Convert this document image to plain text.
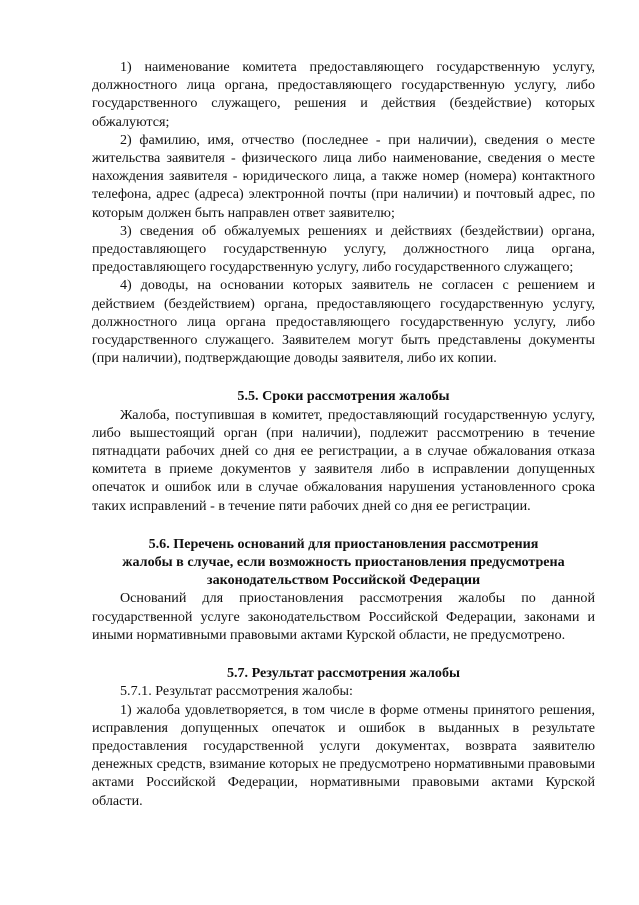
1) наименование комитета предоставляющего государственную услугу, должностного лица органа, предоставляющего государственную услугу, либо государственного служащего, решения и действия (бездействие) которых обжалуются;

2) фамилию, имя, отчество (последнее - при наличии), сведения о месте жительства заявителя - физического лица либо наименование, сведения о месте нахождения заявителя - юридического лица, а также номер (номера) контактного телефона, адрес (адреса) электронной почты (при наличии) и почтовый адрес, по которым должен быть направлен ответ заявителю;

3) сведения об обжалуемых решениях и действиях (бездействии) органа, предоставляющего государственную услугу, должностного лица органа, предоставляющего государственную услугу, либо государственного служащего;

4) доводы, на основании которых заявитель не согласен с решением и действием (бездействием) органа, предоставляющего государственную услугу, должностного лица органа предоставляющего государственную услугу, либо государственного служащего. Заявителем могут быть представлены документы (при наличии), подтверждающие доводы заявителя, либо их копии.

5.5. Сроки рассмотрения жалобы

Жалоба, поступившая в комитет, предоставляющий государственную услугу, либо вышестоящий орган (при наличии), подлежит рассмотрению в течение пятнадцати рабочих дней со дня ее регистрации, а в случае обжалования отказа комитета в приеме документов у заявителя либо в исправлении допущенных опечаток и ошибок или в случае обжалования нарушения установленного срока таких исправлений - в течение пяти рабочих дней со дня ее регистрации.

5.6. Перечень оснований для приостановления рассмотрения

жалобы в случае, если возможность приостановления предусмотрена

законодательством Российской Федерации

Оснований для приостановления рассмотрения жалобы по данной государственной услуге законодательством Российской Федерации, законами и иными нормативными правовыми актами Курской области, не предусмотрено.

5.7. Результат рассмотрения жалобы

5.7.1. Результат рассмотрения жалобы:

1) жалоба удовлетворяется, в том числе в форме отмены принятого решения, исправления допущенных опечаток и ошибок в выданных в результате предоставления государственной услуги документах, возврата заявителю денежных средств, взимание которых не предусмотрено нормативными правовыми актами Российской Федерации, нормативными правовыми актами Курской области.
